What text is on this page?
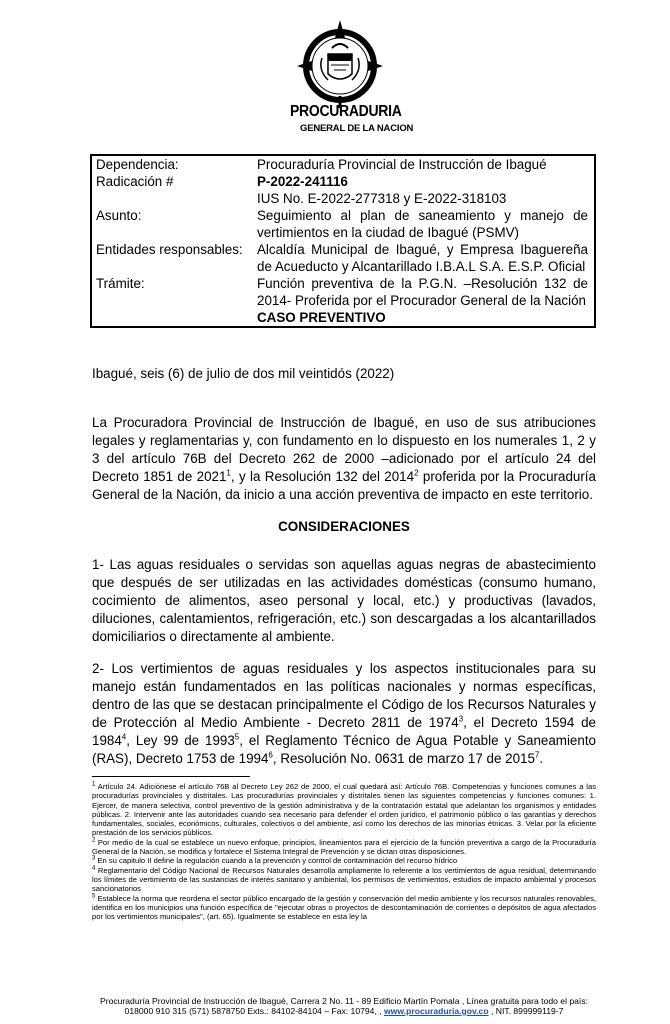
PROCURADURIA
GENERAL DE LA NACION
Dependencia:	Procuraduría Provincial de Instrucción de Ibagué
Radicación #	P-2022-241116
	IUS No. E-2022-277318 y E-2022-318103
Asunto:	Seguimiento al plan de saneamiento y manejo de vertimientos en la ciudad de Ibagué (PSMV)
Entidades responsables:	Alcaldía Municipal de Ibagué, y Empresa Ibaguereña de Acueducto y Alcantarillado I.B.A.L S.A. E.S.P. Oficial
Trámite:	Función preventiva de la P.G.N. –Resolución 132 de 2014- Proferida por el Procurador General de la Nación
CASO PREVENTIVO
Ibagué, seis (6) de julio de dos mil veintidós (2022)
La Procuradora Provincial de Instrucción de Ibagué, en uso de sus atribuciones legales y reglamentarias y, con fundamento en lo dispuesto en los numerales 1, 2 y 3 del artículo 76B del Decreto 262 de 2000 –adicionado por el artículo 24 del Decreto 1851 de 2021$^1$, y la Resolución 132 del 2014$^2$ proferida por la Procuraduría General de la Nación, da inicio a una acción preventiva de impacto en este territorio.
CONSIDERACIONES
1- Las aguas residuales o servidas son aquellas aguas negras de abastecimiento que después de ser utilizadas en las actividades domésticas (consumo humano, cocimiento de alimentos, aseo personal y local, etc.) y productivas (lavados, diluciones, calentamientos, refrigeración, etc.) son descargadas a los alcantarillados domiciliarios o directamente al ambiente.
2- Los vertimientos de aguas residuales y los aspectos institucionales para su manejo están fundamentados en las políticas nacionales y normas específicas, dentro de las que se destacan principalmente el Código de los Recursos Naturales y de Protección al Medio Ambiente - Decreto 2811 de 1974$^3$, el Decreto 1594 de 1984$^4$, Ley 99 de 1993$^5$, el Reglamento Técnico de Agua Potable y Saneamiento (RAS), Decreto 1753 de 1994$^6$, Resolución No. 0631 de marzo 17 de 2015$^7$.

$^1$ Artículo 24. Adiciónese el artículo 76B al Decreto Ley 262 de 2000, el cual quedará así: Artículo 76B. Competencias y funciones comunes a las procuradurías provinciales y distritales. Las procuradurías provinciales y distritales tienen las siguientes competencias y funciones comunes: 1. Ejercer, de manera selectiva, control preventivo de la gestión administrativa y de la contratación estatal que adelantan los organismos y entidades públicas. 2. Intervenir ante las autoridades cuando sea necesario para defender el orden jurídico, el patrimonio público o las garantías y derechos fundamentales, sociales, económicos, culturales, colectivos o del ambiente, así como los derechos de las minorías étnicas. 3. Velar por la eficiente prestación de los servicios públicos.

$^2$ Por medio de la cual se establece un nuevo enfoque, principios, lineamientos para el ejercicio de la función preventiva a cargo de la Procuraduría General de la Nación, se modifica y fortalece el Sistema Integral de Prevención y se dictan otras disposiciones.

$^3$ En su capitulo II define la regulación cuando a la prevención y control de contaminación del recurso hídrico

$^4$ Reglamentario del Código Nacional de Recursos Naturales desarrolla ampliamente lo referente a los vertimientos de agua residual, determinando los límites de vertimiento de las sustancias de interés sanitario y ambiental, los permisos de vertimientos, estudios de impacto ambiental y procesos sancionatorios

$^5$ Establece la norma que reordena el sector público encargado de la gestión y conservación del medio ambiente y los recursos naturales renovables, identifica en los municipios una función específica de "ejecutar obras o proyectos de descontaminación de corrientes o depósitos de agua afectados por los vertimientos municipales", (art. 65). Igualmente se establece en esta ley la

Procuraduría Provincial de Instrucción de Ibagué, Carrera 2 No. 11 - 89 Edificio Martín Pomala , Línea gratuita para todo el país:
018000 910 315 (571) 5878750 Exts.: 84102-84104 – Fax: 10794, , www.procuraduria.gov.co , NIT. 899999119-7
